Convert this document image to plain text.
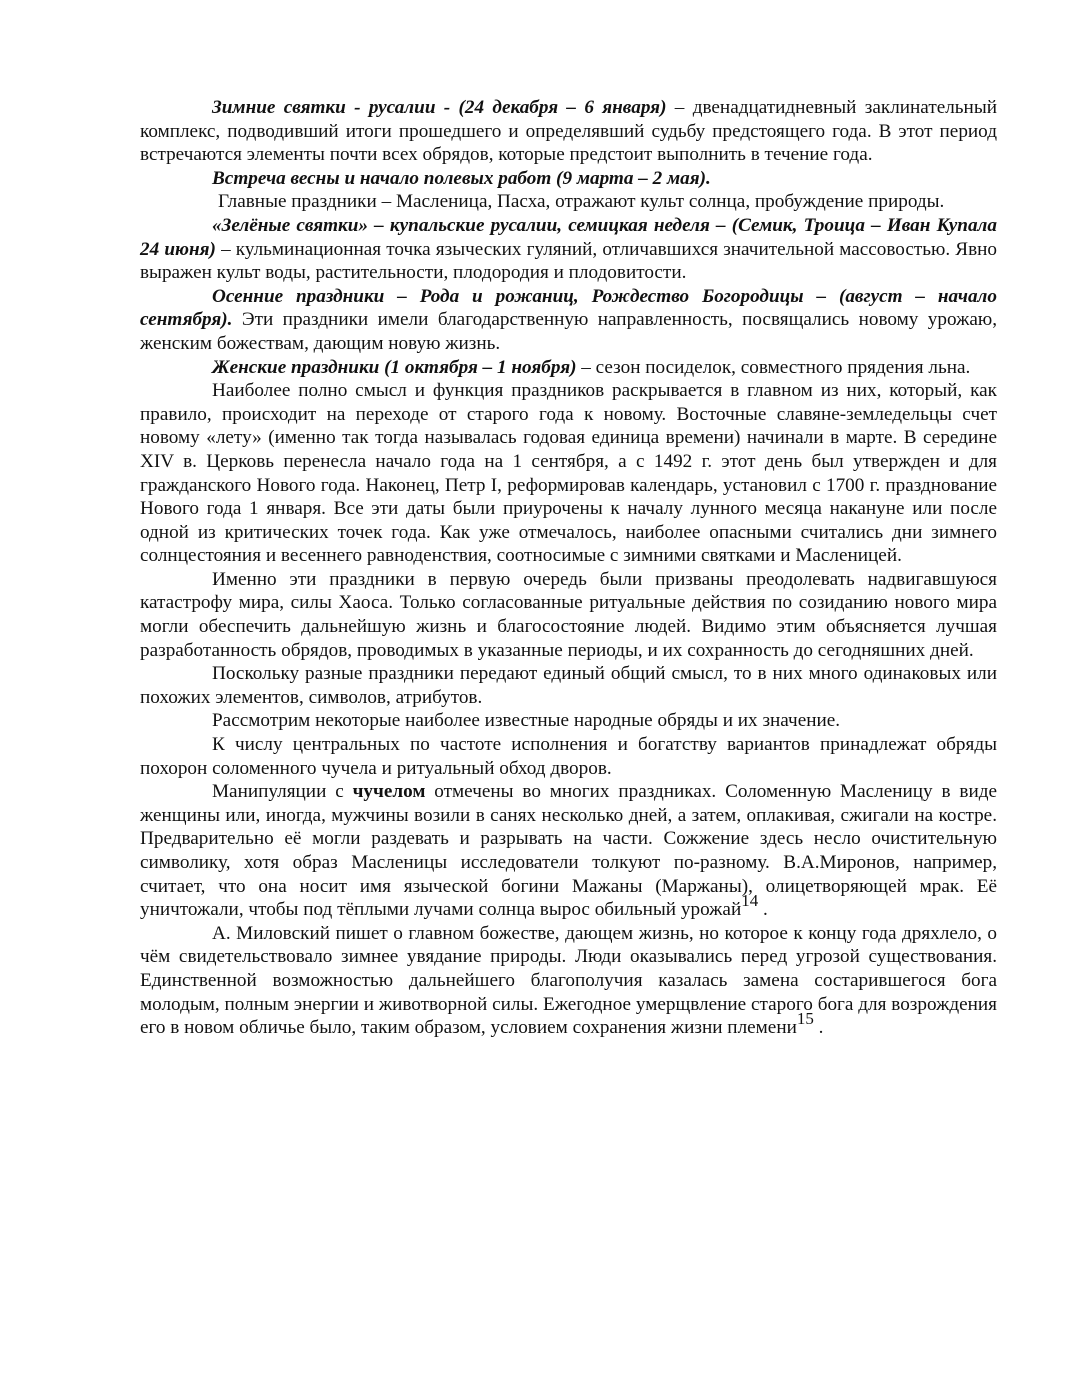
Зимние святки - русалии - (24 декабря – 6 января) – двенадцатидневный заклинательный комплекс, подводивший итоги прошедшего и определявший судьбу предстоящего года. В этот период встречаются элементы почти всех обрядов, которые предстоит выполнить в течение года.

Встреча весны и начало полевых работ (9 марта – 2 мая).

Главные праздники – Масленица, Пасха, отражают культ солнца, пробуждение природы.

«Зелёные святки» – купальские русалии, семицкая неделя – (Семик, Троица – Иван Купала 24 июня) – кульминационная точка языческих гуляний, отличавшихся значительной массовостью. Явно выражен культ воды, растительности, плодородия и плодовитости.

Осенние праздники – Рода и рожаниц, Рождество Богородицы – (август – начало сентября). Эти праздники имели благодарственную направленность, посвящались новому урожаю, женским божествам, дающим новую жизнь.

Женские праздники (1 октября – 1 ноября) – сезон посиделок, совместного прядения льна.

Наиболее полно смысл и функция праздников раскрывается в главном из них, который, как правило, происходит на переходе от старого года к новому. Восточные славяне-земледельцы счет новому «лету» (именно так тогда называлась годовая единица времени) начинали в марте. В середине XIV в. Церковь перенесла начало года на 1 сентября, а с 1492 г. этот день был утвержден и для гражданского Нового года. Наконец, Петр I, реформировав календарь, установил с 1700 г. празднование Нового года 1 января. Все эти даты были приурочены к началу лунного месяца накануне или после одной из критических точек года. Как уже отмечалось, наиболее опасными считались дни зимнего солнцестояния и весеннего равноденствия, соотносимые с зимними святками и Масленицей.

Именно эти праздники в первую очередь были призваны преодолевать надвигавшуюся катастрофу мира, силы Хаоса. Только согласованные ритуальные действия по созиданию нового мира могли обеспечить дальнейшую жизнь и благосостояние людей. Видимо этим объясняется лучшая разработанность обрядов, проводимых в указанные периоды, и их сохранность до сегодняшних дней.

Поскольку разные праздники передают единый общий смысл, то в них много одинаковых или похожих элементов, символов, атрибутов.

Рассмотрим некоторые наиболее известные народные обряды и их значение.

К числу центральных по частоте исполнения и богатству вариантов принадлежат обряды похорон соломенного чучела и ритуальный обход дворов.

Манипуляции с чучелом отмечены во многих праздниках. Соломенную Масленицу в виде женщины или, иногда, мужчины возили в санях несколько дней, а затем, оплакивая, сжигали на костре. Предварительно её могли раздевать и разрывать на части. Сожжение здесь несло очистительную символику, хотя образ Масленицы исследователи толкуют по-разному. В.А.Миронов, например, считает, что она носит имя языческой богини Мажаны (Маржаны), олицетворяющей мрак. Её уничтожали, чтобы под тёплыми лучами солнца вырос обильный урожай$^{14}$ .

А. Миловский пишет о главном божестве, дающем жизнь, но которое к концу года дряхлело, о чём свидетельствовало зимнее увядание природы. Люди оказывались перед угрозой существования. Единственной возможностью дальнейшего благополучия казалась замена состарившегося бога молодым, полным энергии и животворной силы. Ежегодное умерщвление старого бога для возрождения его в новом обличье было, таким образом, условием сохранения жизни племени$^{15}$ .
